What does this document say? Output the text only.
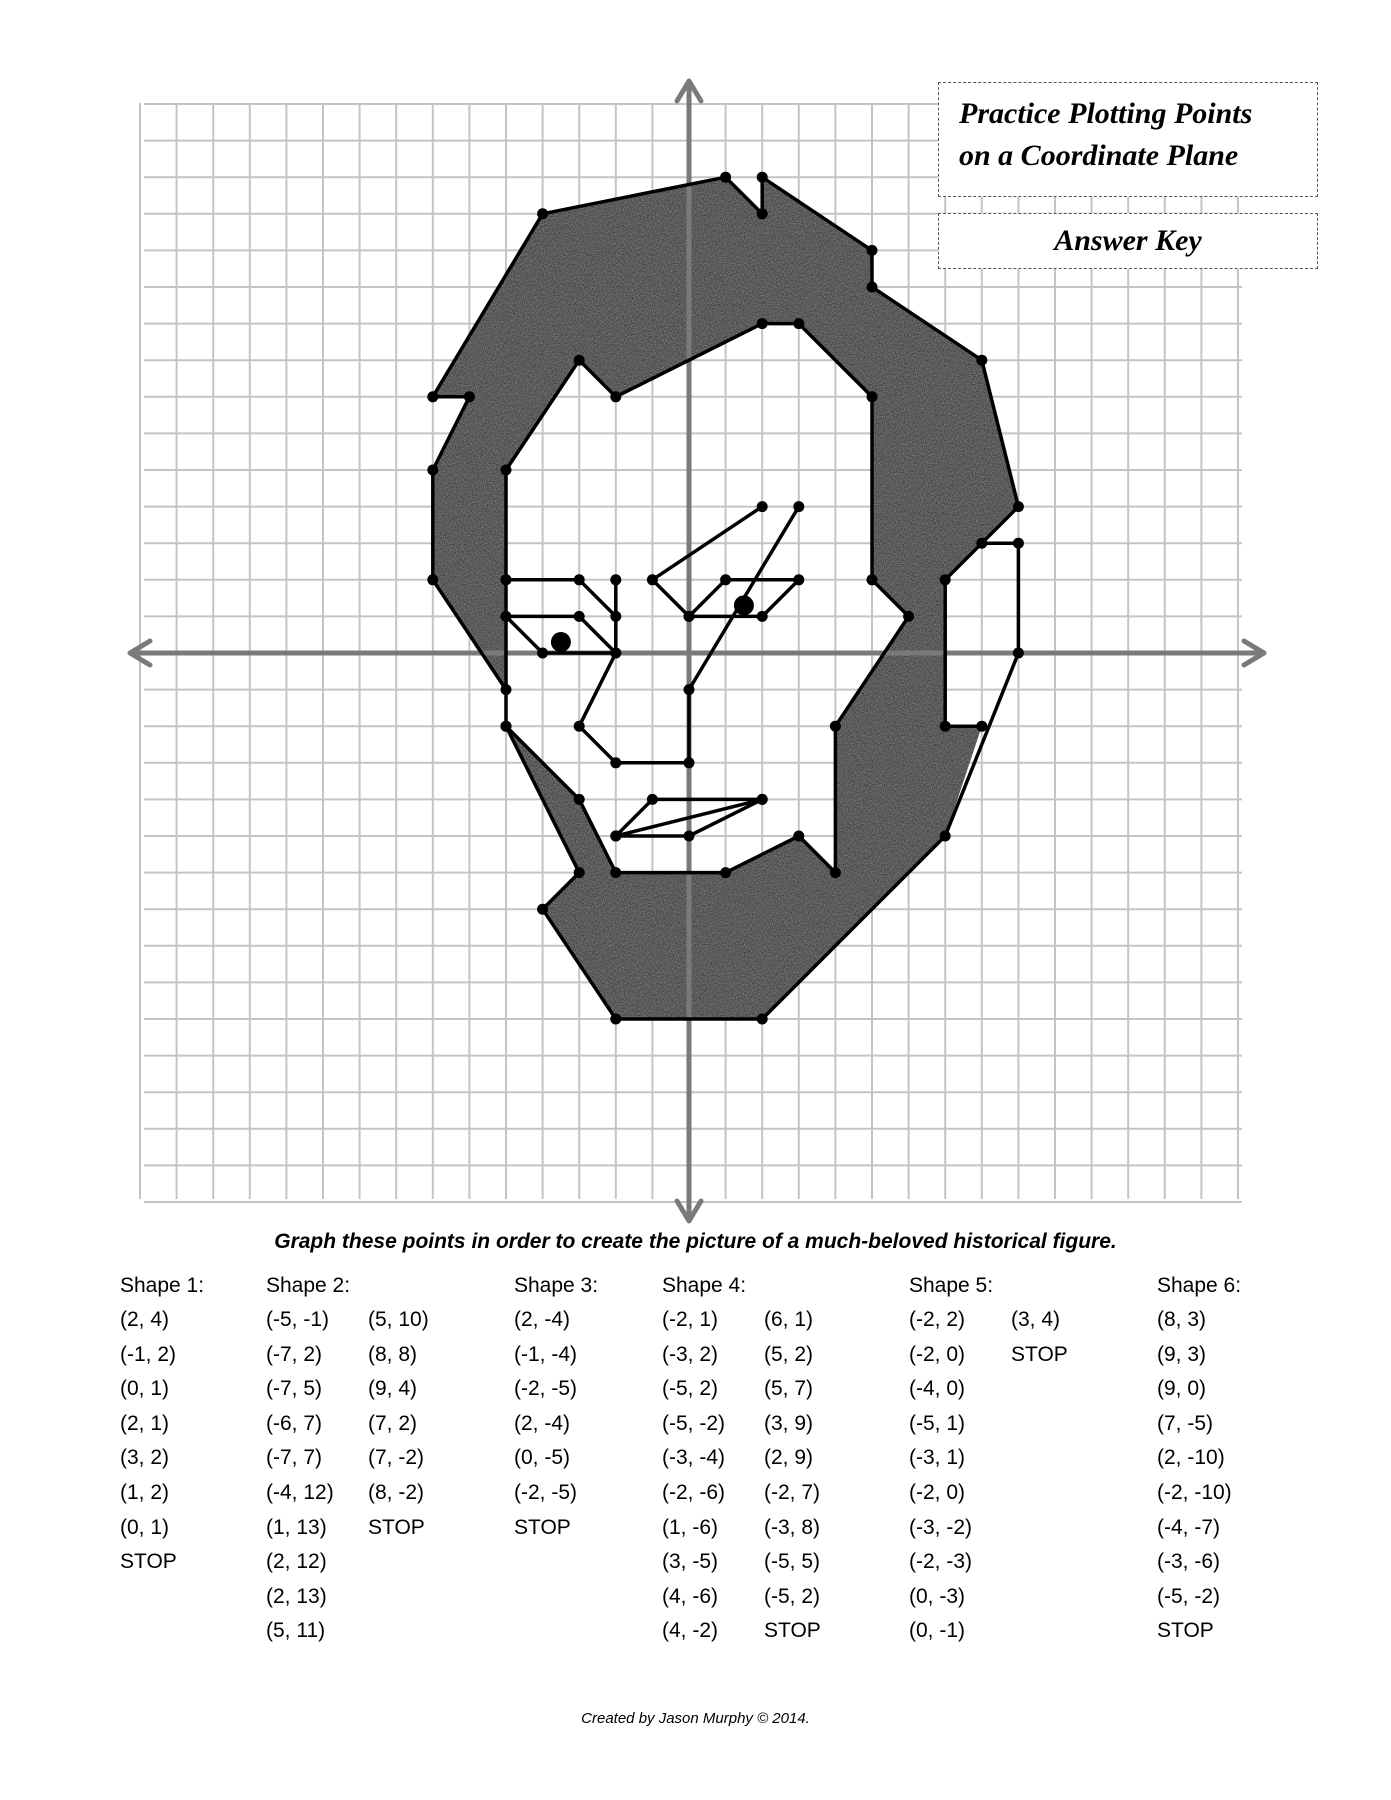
Practice Plotting Points
on a Coordinate Plane
Answer Key
Graph these points in order to create the picture of a much-beloved historical figure.
Shape 1:
(2, 4)
(-1, 2)
(0, 1)
(2, 1)
(3, 2)
(1, 2)
(0, 1)
STOP
Shape 2:
(-5, -1)
(-7, 2)
(-7, 5)
(-6, 7)
(-7, 7)
(-4, 12)
(1, 13)
(2, 12)
(2, 13)
(5, 11)
(5, 10)
(8, 8)
(9, 4)
(7, 2)
(7, -2)
(8, -2)
STOP
Shape 3:
(2, -4)
(-1, -4)
(-2, -5)
(2, -4)
(0, -5)
(-2, -5)
STOP
Shape 4:
(-2, 1)
(-3, 2)
(-5, 2)
(-5, -2)
(-3, -4)
(-2, -6)
(1, -6)
(3, -5)
(4, -6)
(4, -2)
(6, 1)
(5, 2)
(5, 7)
(3, 9)
(2, 9)
(-2, 7)
(-3, 8)
(-5, 5)
(-5, 2)
STOP
Shape 5:
(-2, 2)
(-2, 0)
(-4, 0)
(-5, 1)
(-3, 1)
(-2, 0)
(-3, -2)
(-2, -3)
(0, -3)
(0, -1)
(3, 4)
STOP
Shape 6:
(8, 3)
(9, 3)
(9, 0)
(7, -5)
(2, -10)
(-2, -10)
(-4, -7)
(-3, -6)
(-5, -2)
STOP
Created by Jason Murphy © 2014.
